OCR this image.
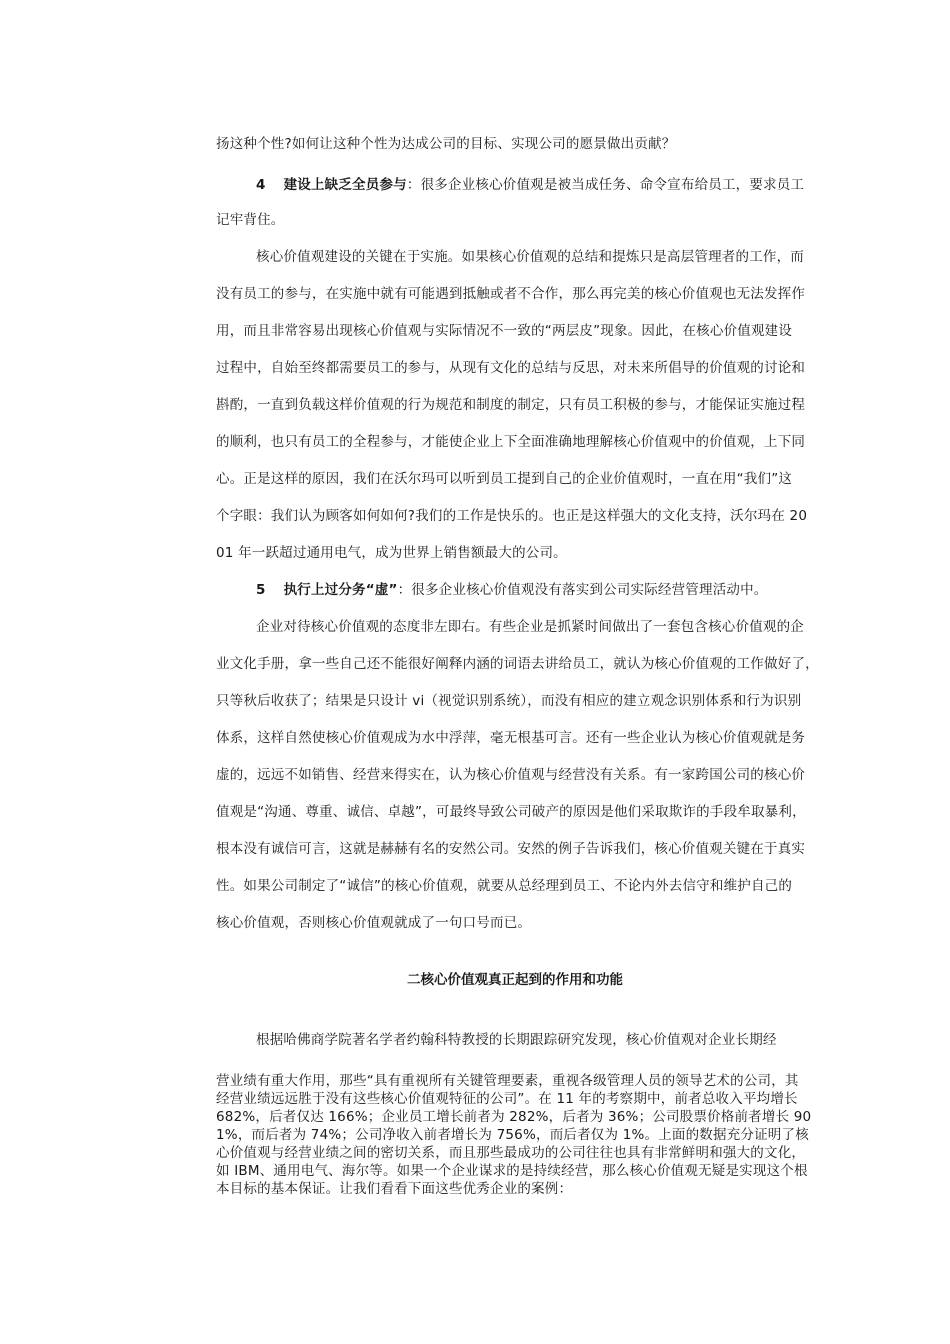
扬这种个性?如何让这种个性为达成公司的目标、实现公司的愿景做出贡献？
4 建设上缺乏全员参与：很多企业核心价值观是被当成任务、命令宣布给员工，要求员工
记牢背住。
核心价值观建设的关键在于实施。如果核心价值观的总结和提炼只是高层管理者的工作，而
没有员工的参与，在实施中就有可能遇到抵触或者不合作，那么再完美的核心价值观也无法发挥作
用，而且非常容易出现核心价值观与实际情况不一致的“两层皮”现象。因此，在核心价值观建设
过程中，自始至终都需要员工的参与，从现有文化的总结与反思，对未来所倡导的价值观的讨论和
斟酌，一直到负载这样价值观的行为规范和制度的制定，只有员工积极的参与，才能保证实施过程
的顺利，也只有员工的全程参与，才能使企业上下全面准确地理解核心价值观中的价值观，上下同
心。正是这样的原因，我们在沃尔玛可以听到员工提到自己的企业价值观时，一直在用“我们”这
个字眼：我们认为顾客如何如何?我们的工作是快乐的。也正是这样强大的文化支持，沃尔玛在 20
01 年一跃超过通用电气，成为世界上销售额最大的公司。
5 执行上过分务“虚”：很多企业核心价值观没有落实到公司实际经营管理活动中。
企业对待核心价值观的态度非左即右。有些企业是抓紧时间做出了一套包含核心价值观的企
业文化手册，拿一些自己还不能很好阐释内涵的词语去讲给员工，就认为核心价值观的工作做好了，
只等秋后收获了；结果是只设计 vi（视觉识别系统），而没有相应的建立观念识别体系和行为识别
体系，这样自然使核心价值观成为水中浮萍，毫无根基可言。还有一些企业认为核心价值观就是务
虚的，远远不如销售、经营来得实在，认为核心价值观与经营没有关系。有一家跨国公司的核心价
值观是“沟通、尊重、诚信、卓越”，可最终导致公司破产的原因是他们采取欺诈的手段牟取暴利，
根本没有诚信可言，这就是赫赫有名的安然公司。安然的例子告诉我们，核心价值观关键在于真实
性。如果公司制定了“诚信”的核心价值观，就要从总经理到员工、不论内外去信守和维护自己的
核心价值观，否则核心价值观就成了一句口号而已。
二核心价值观真正起到的作用和功能
根据哈佛商学院著名学者约翰科特教授的长期跟踪研究发现，核心价值观对企业长期经
营业绩有重大作用，那些“具有重视所有关键管理要素，重视各级管理人员的领导艺术的公司，其
经营业绩远远胜于没有这些核心价值观特征的公司”。在 11 年的考察期中，前者总收入平均增长
682%，后者仅达 166%；企业员工增长前者为 282%，后者为 36%；公司股票价格前者增长 90
1%，而后者为 74%；公司净收入前者增长为 756%，而后者仅为 1%。上面的数据充分证明了核
心价值观与经营业绩之间的密切关系，而且那些最成功的公司往往也具有非常鲜明和强大的文化，
如 IBM、通用电气、海尔等。如果一个企业谋求的是持续经营，那么核心价值观无疑是实现这个根
本目标的基本保证。让我们看看下面这些优秀企业的案例：
